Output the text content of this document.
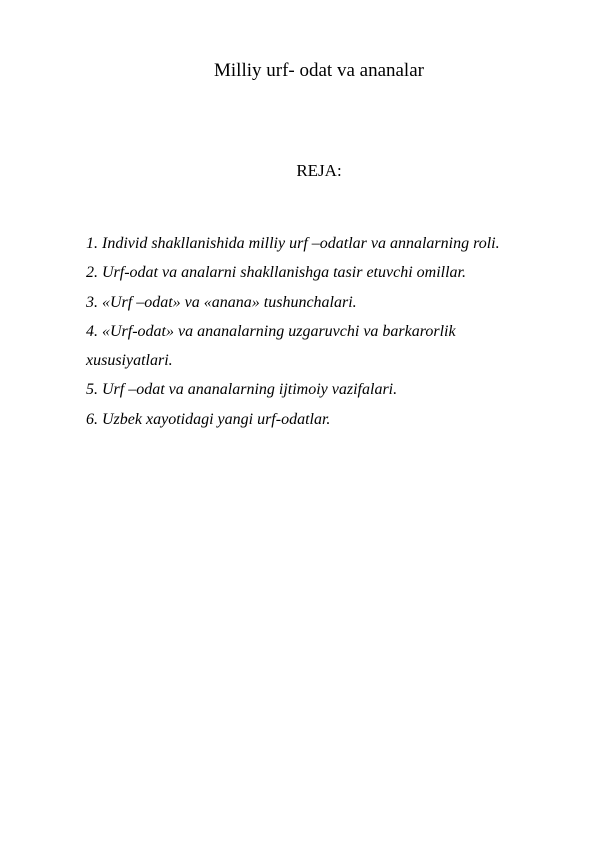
Milliy urf- odat va ananalar
REJA:
1. Individ shakllanishida milliy urf –odatlar va annalarning roli.
2. Urf-odat va analarni shakllanishga tasir etuvchi omillar.
3. «Urf –odat» va «anana» tushunchalari.
4. «Urf-odat» va ananalarning uzgaruvchi va barkarorlik xususiyatlari.
5. Urf –odat va ananalarning ijtimoiy vazifalari.
6. Uzbek xayotidagi yangi urf-odatlar.
